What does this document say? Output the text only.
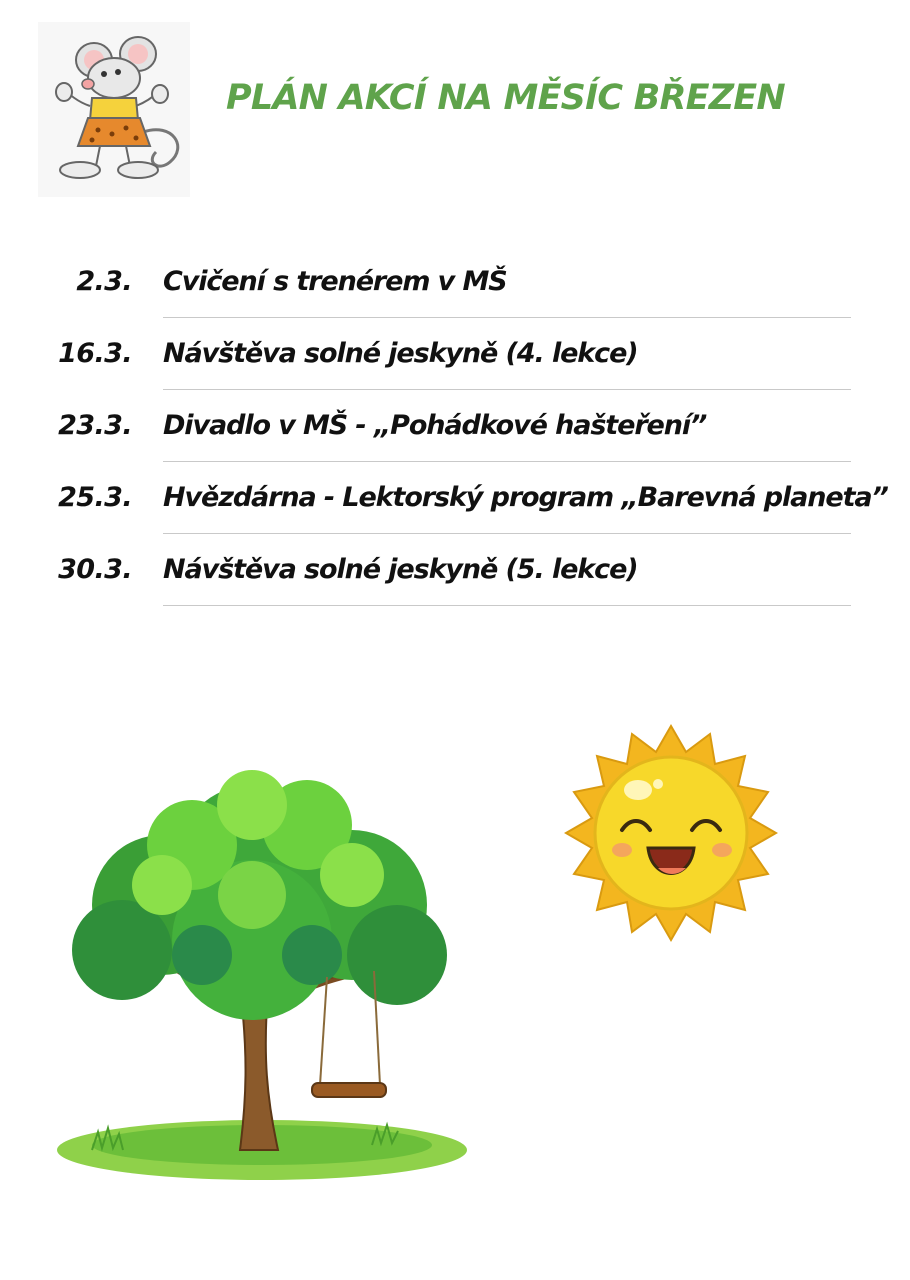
PLÁN AKCÍ NA MĚSÍC BŘEZEN
2.3. Cvičení s trenérem v MŠ
16.3. Návštěva solné jeskyně (4. lekce)
23.3. Divadlo v MŠ - „Pohádkové hašteření”
25.3. Hvězdárna - Lektorský program „Barevná planeta”
30.3. Návštěva solné jeskyně (5. lekce)
